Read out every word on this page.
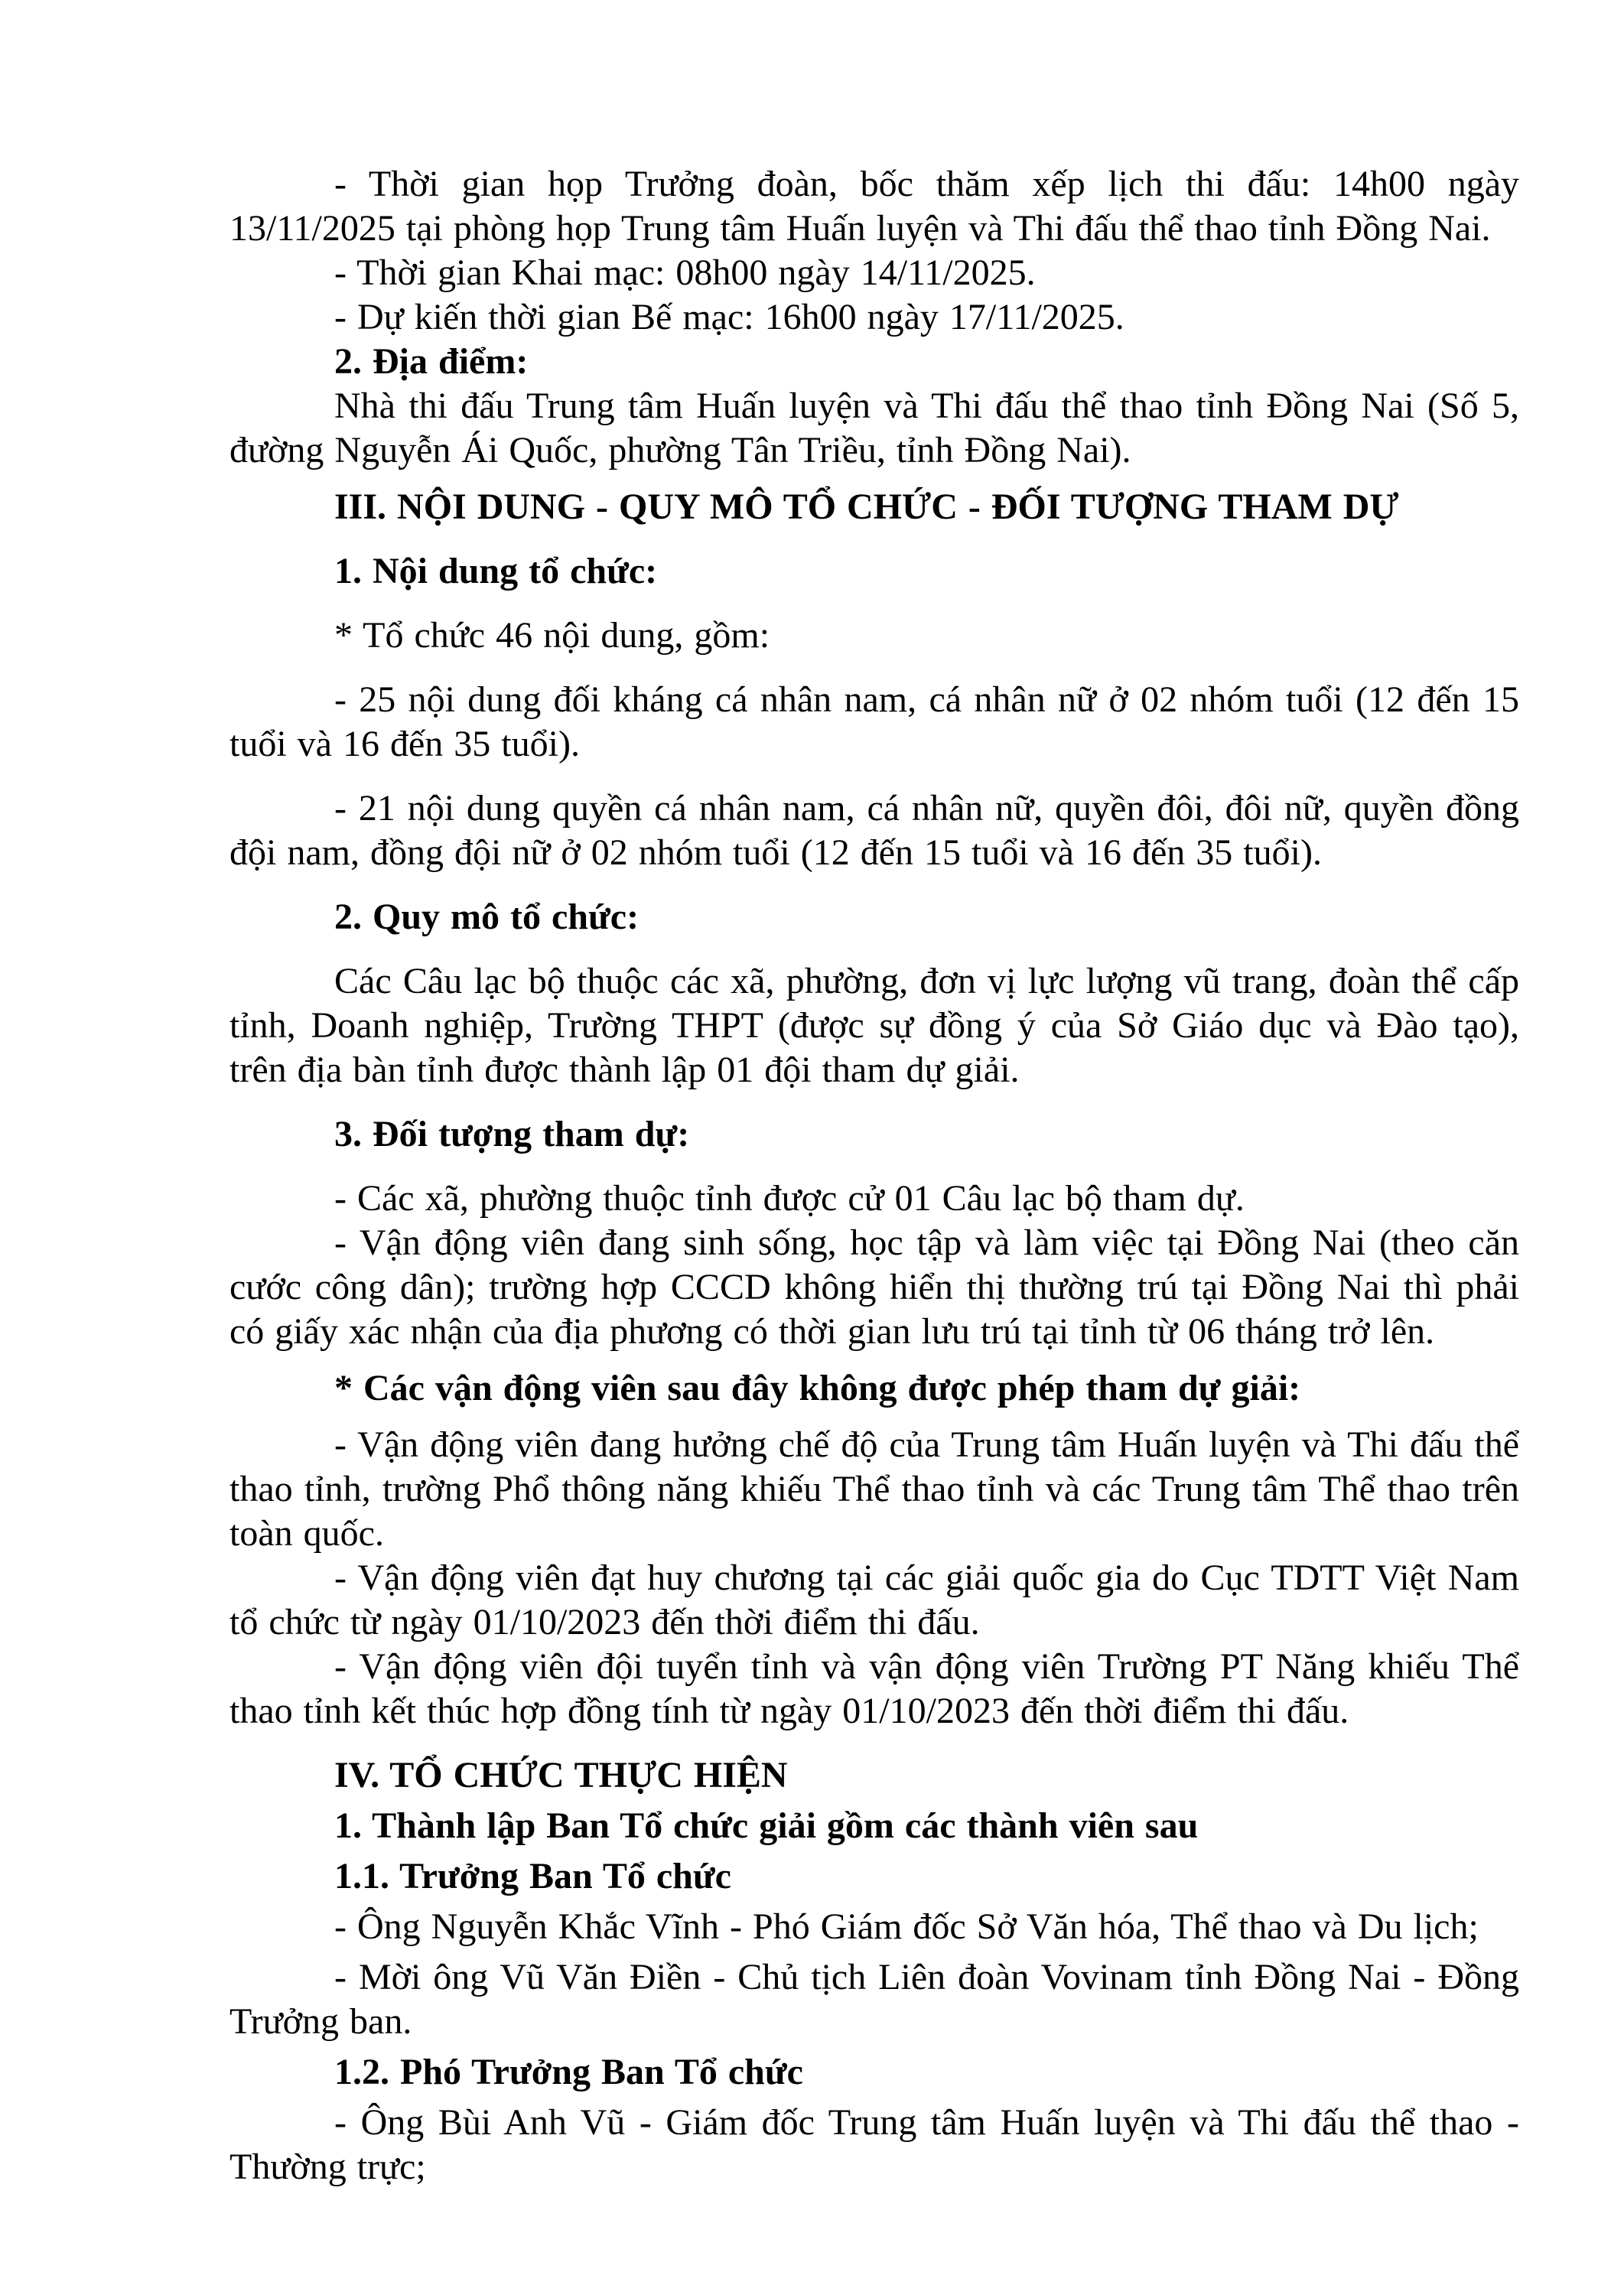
- Thời gian họp Trưởng đoàn, bốc thăm xếp lịch thi đấu: 14h00 ngày 13/11/2025 tại phòng họp Trung tâm Huấn luyện và Thi đấu thể thao tỉnh Đồng Nai.

- Thời gian Khai mạc: 08h00 ngày 14/11/2025.

- Dự kiến thời gian Bế mạc: 16h00 ngày 17/11/2025.

2. Địa điểm:

Nhà thi đấu Trung tâm Huấn luyện và Thi đấu thể thao tỉnh Đồng Nai (Số 5, đường Nguyễn Ái Quốc, phường Tân Triều, tỉnh Đồng Nai).

III. NỘI DUNG - QUY MÔ TỔ CHỨC - ĐỐI TƯỢNG THAM DỰ

1. Nội dung tổ chức:

* Tổ chức 46 nội dung, gồm:

- 25 nội dung đối kháng cá nhân nam, cá nhân nữ ở 02 nhóm tuổi (12 đến 15 tuổi và 16 đến 35 tuổi).

- 21 nội dung quyền cá nhân nam, cá nhân nữ, quyền đôi, đôi nữ, quyền đồng đội nam, đồng đội nữ ở 02 nhóm tuổi (12 đến 15 tuổi và 16 đến 35 tuổi).

2. Quy mô tổ chức:

Các Câu lạc bộ thuộc các xã, phường, đơn vị lực lượng vũ trang, đoàn thể cấp tỉnh, Doanh nghiệp, Trường THPT (được sự đồng ý của Sở Giáo dục và Đào tạo), trên địa bàn tỉnh được thành lập 01 đội tham dự giải.

3. Đối tượng tham dự:

- Các xã, phường thuộc tỉnh được cử 01 Câu lạc bộ tham dự.

- Vận động viên đang sinh sống, học tập và làm việc tại Đồng Nai (theo căn cước công dân); trường hợp CCCD không hiển thị thường trú tại Đồng Nai thì phải có giấy xác nhận của địa phương có thời gian lưu trú tại tỉnh từ 06 tháng trở lên.

* Các vận động viên sau đây không được phép tham dự giải:

- Vận động viên đang hưởng chế độ của Trung tâm Huấn luyện và Thi đấu thể thao tỉnh, trường Phổ thông năng khiếu Thể thao tỉnh và các Trung tâm Thể thao trên toàn quốc.

- Vận động viên đạt huy chương tại các giải quốc gia do Cục TDTT Việt Nam tổ chức từ ngày 01/10/2023 đến thời điểm thi đấu.

- Vận động viên đội tuyển tỉnh và vận động viên Trường PT Năng khiếu Thể thao tỉnh kết thúc hợp đồng tính từ ngày 01/10/2023 đến thời điểm thi đấu.

IV. TỔ CHỨC THỰC HIỆN

1. Thành lập Ban Tổ chức giải gồm các thành viên sau

1.1. Trưởng Ban Tổ chức

- Ông Nguyễn Khắc Vĩnh - Phó Giám đốc Sở Văn hóa, Thể thao và Du lịch;

- Mời ông Vũ Văn Điền - Chủ tịch Liên đoàn Vovinam tỉnh Đồng Nai - Đồng Trưởng ban.

1.2. Phó Trưởng Ban Tổ chức

- Ông Bùi Anh Vũ - Giám đốc Trung tâm Huấn luyện và Thi đấu thể thao - Thường trực;
